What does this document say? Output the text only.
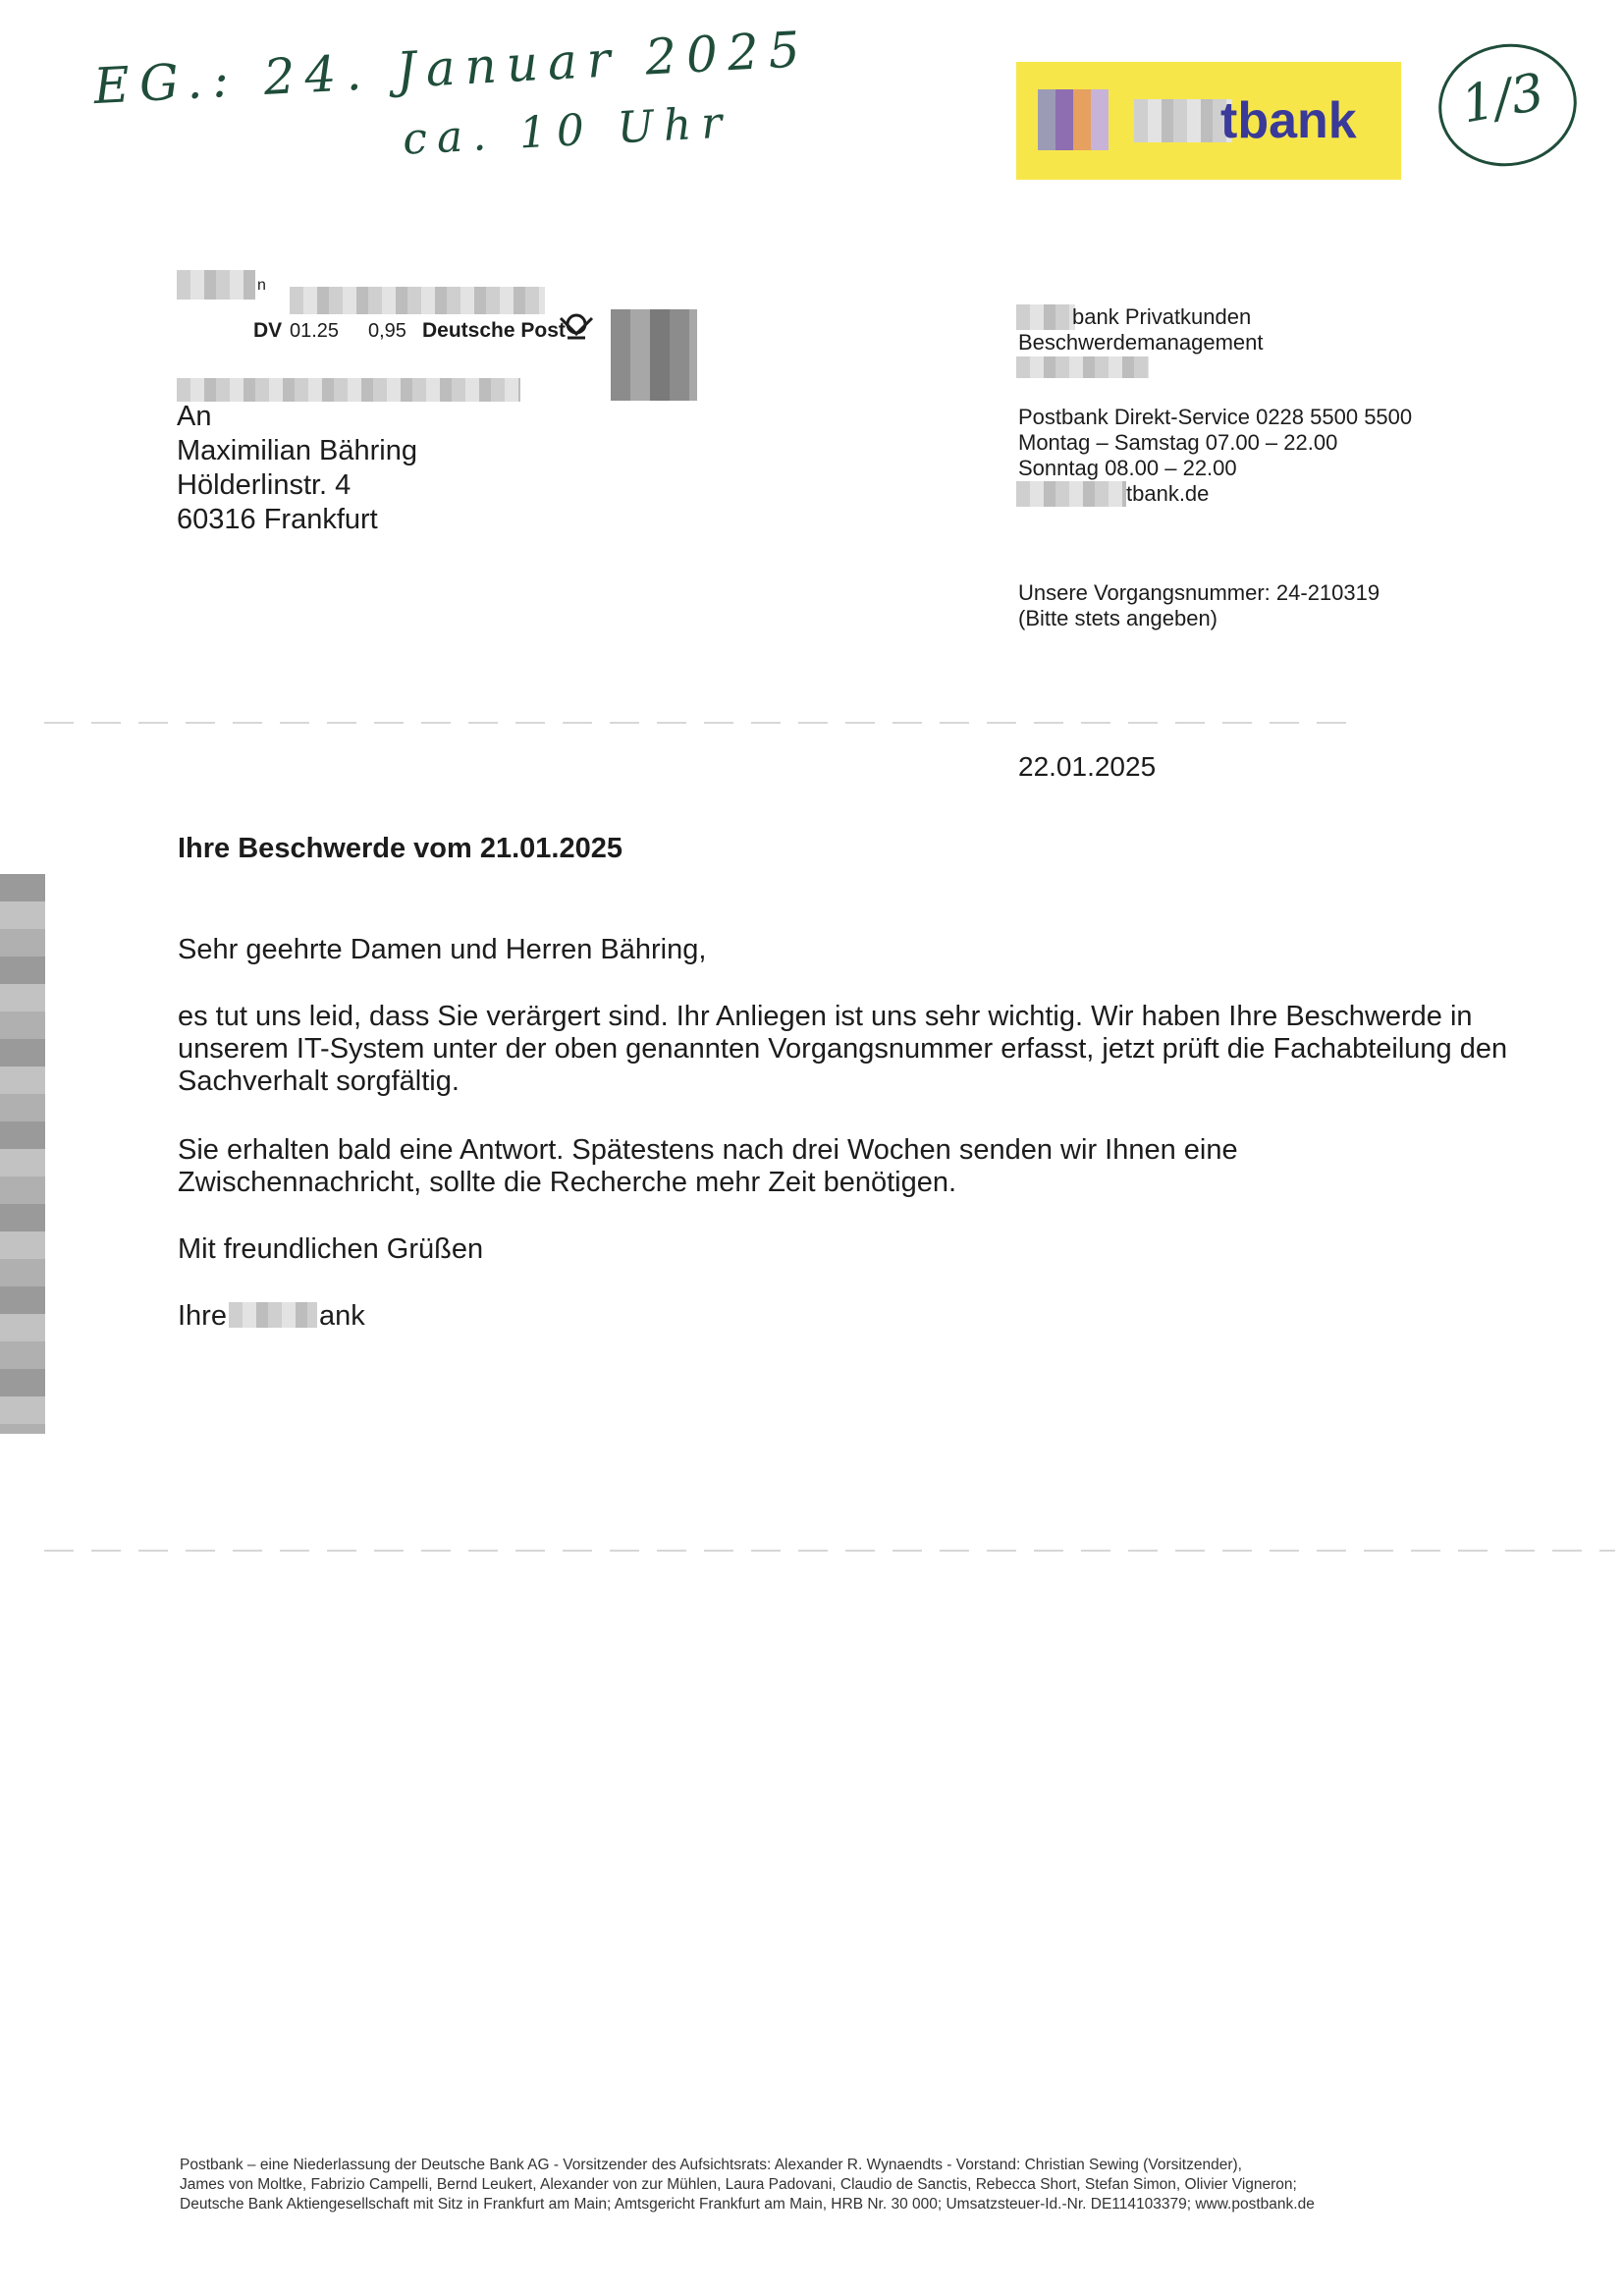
EG.: 24. Januar 2025
ca. 10 Uhr	1/3
tbank
n
DV 01.25 0,95 Deutsche Post
An
Maximilian Bähring
Hölderlinstr. 4
60316 Frankfurt
bank Privatkunden
Beschwerdemanagement
Postbank Direkt-Service 0228 5500 5500
Montag – Samstag 07.00 – 22.00
Sonntag 08.00 – 22.00
tbank.de
Unsere Vorgangsnummer: 24-210319
(Bitte stets angeben)
22.01.2025
Ihre Beschwerde vom 21.01.2025
Sehr geehrte Damen und Herren Bähring,
es tut uns leid, dass Sie verärgert sind. Ihr Anliegen ist uns sehr wichtig. Wir haben Ihre Beschwerde in unserem IT-System unter der oben genannten Vorgangsnummer erfasst, jetzt prüft die Fachabteilung den Sachverhalt sorgfältig.
Sie erhalten bald eine Antwort. Spätestens nach drei Wochen senden wir Ihnen eine Zwischennachricht, sollte die Recherche mehr Zeit benötigen.
Mit freundlichen Grüßen
Ihre	ank
Postbank – eine Niederlassung der Deutsche Bank AG - Vorsitzender des Aufsichtsrats: Alexander R. Wynaendts - Vorstand: Christian Sewing (Vorsitzender),
James von Moltke, Fabrizio Campelli, Bernd Leukert, Alexander von zur Mühlen, Laura Padovani, Claudio de Sanctis, Rebecca Short, Stefan Simon, Olivier Vigneron;
Deutsche Bank Aktiengesellschaft mit Sitz in Frankfurt am Main; Amtsgericht Frankfurt am Main, HRB Nr. 30 000; Umsatzsteuer-Id.-Nr. DE114103379; www.postbank.de
